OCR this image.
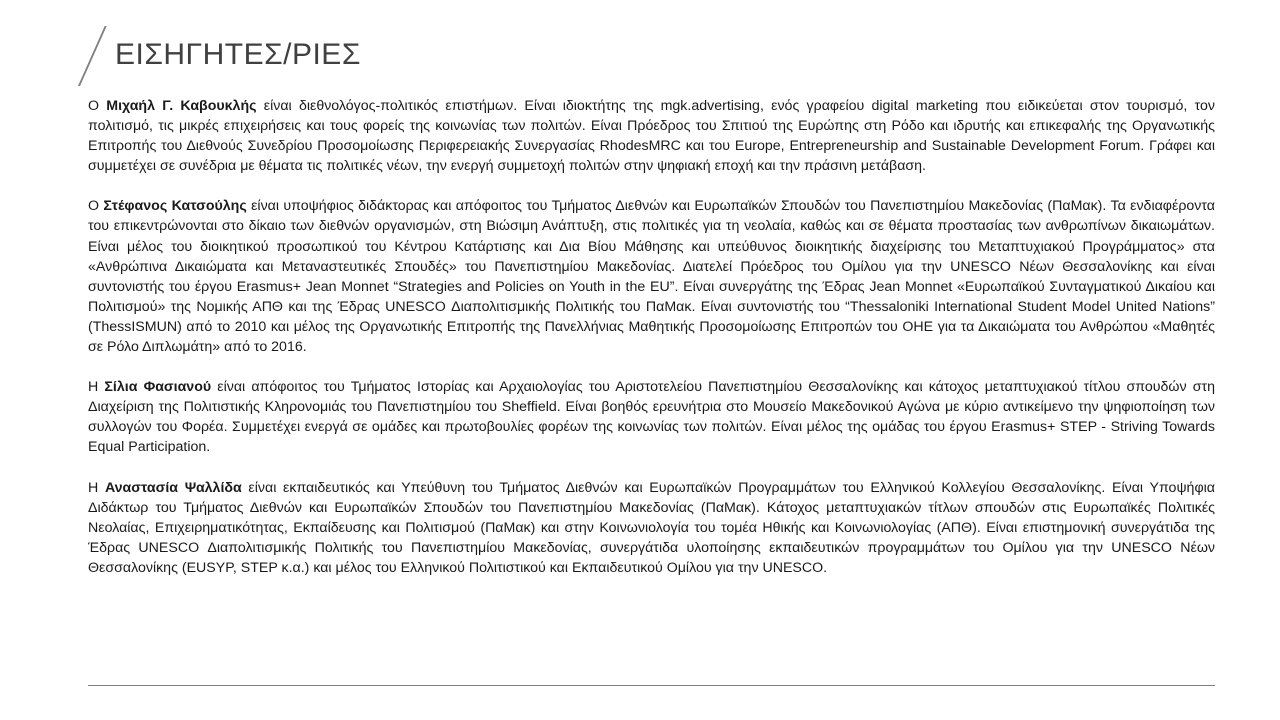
ΕΙΣΗΓΗΤΕΣ/ΡΙΕΣ

Ο Μιχαήλ Γ. Καβουκλής είναι διεθνολόγος-πολιτικός επιστήμων. Είναι ιδιοκτήτης της mgk.advertising, ενός γραφείου digital marketing που ειδικεύεται στον τουρισμό, τον πολιτισμό, τις μικρές επιχειρήσεις και τους φορείς της κοινωνίας των πολιτών. Είναι Πρόεδρος του Σπιτιού της Ευρώπης στη Ρόδο και ιδρυτής και επικεφαλής της Οργανωτικής Επιτροπής του Διεθνούς Συνεδρίου Προσομοίωσης Περιφερειακής Συνεργασίας RhodesMRC και του Europe, Entrepreneurship and Sustainable Development Forum. Γράφει και συμμετέχει σε συνέδρια με θέματα τις πολιτικές νέων, την ενεργή συμμετοχή πολιτών στην ψηφιακή εποχή και την πράσινη μετάβαση.

Ο Στέφανος Κατσούλης είναι υποψήφιος διδάκτορας και απόφοιτος του Τμήματος Διεθνών και Ευρωπαϊκών Σπουδών του Πανεπιστημίου Μακεδονίας (ΠαΜακ). Τα ενδιαφέροντα του επικεντρώνονται στο δίκαιο των διεθνών οργανισμών, στη Βιώσιμη Ανάπτυξη, στις πολιτικές για τη νεολαία, καθώς και σε θέματα προστασίας των ανθρωπίνων δικαιωμάτων. Είναι μέλος του διοικητικού προσωπικού του Κέντρου Κατάρτισης και Δια Βίου Μάθησης και υπεύθυνος διοικητικής διαχείρισης του Μεταπτυχιακού Προγράμματος» στα «Ανθρώπινα Δικαιώματα και Μεταναστευτικές Σπουδές» του Πανεπιστημίου Μακεδονίας. Διατελεί Πρόεδρος του Ομίλου για την UNESCO Νέων Θεσσαλονίκης και είναι συντονιστής του έργου Erasmus+ Jean Monnet “Strategies and Policies on Youth in the EU”. Είναι συνεργάτης της Έδρας Jean Monnet «Ευρωπαϊκού Συνταγματικού Δικαίου και Πολιτισμού» της Νομικής ΑΠΘ και της Έδρας UNESCO Διαπολιτισμικής Πολιτικής του ΠαΜακ. Είναι συντονιστής του “Thessaloniki International Student Model United Nations” (ThessISMUN) από το 2010 και μέλος της Οργανωτικής Επιτροπής της Πανελλήνιας Μαθητικής Προσομοίωσης Επιτροπών του ΟΗΕ για τα Δικαιώματα του Ανθρώπου «Μαθητές σε Ρόλο Διπλωμάτη» από το 2016.

Η Σίλια Φασιανού είναι απόφοιτος του Τμήματος Ιστορίας και Αρχαιολογίας του Αριστοτελείου Πανεπιστημίου Θεσσαλονίκης και κάτοχος μεταπτυχιακού τίτλου σπουδών στη Διαχείριση της Πολιτιστικής Κληρονομιάς του Πανεπιστημίου του Sheffield. Είναι βοηθός ερευνήτρια στο Μουσείο Μακεδονικού Αγώνα με κύριο αντικείμενο την ψηφιοποίηση των συλλογών του Φορέα. Συμμετέχει ενεργά σε ομάδες και πρωτοβουλίες φορέων της κοινωνίας των πολιτών. Είναι μέλος της ομάδας του έργου Erasmus+ STEP - Striving Towards Equal Participation.

Η Αναστασία Ψαλλίδα είναι εκπαιδευτικός και Υπεύθυνη του Τμήματος Διεθνών και Ευρωπαϊκών Προγραμμάτων του Ελληνικού Κολλεγίου Θεσσαλονίκης. Είναι Υποψήφια Διδάκτωρ του Τμήματος Διεθνών και Ευρωπαϊκών Σπουδών του Πανεπιστημίου Μακεδονίας (ΠαΜακ). Κάτοχος μεταπτυχιακών τίτλων σπουδών στις Ευρωπαϊκές Πολιτικές Νεολαίας, Επιχειρηματικότητας, Εκπαίδευσης και Πολιτισμού (ΠαΜακ) και στην Κοινωνιολογία του τομέα Ηθικής και Κοινωνιολογίας (ΑΠΘ). Είναι επιστημονική συνεργάτιδα της Έδρας UNESCO Διαπολιτισμικής Πολιτικής του Πανεπιστημίου Μακεδονίας, συνεργάτιδα υλοποίησης εκπαιδευτικών προγραμμάτων του Ομίλου για την UNESCO Νέων Θεσσαλονίκης (EUSYP, STEP κ.α.) και μέλος του Ελληνικού Πολιτιστικού και Εκπαιδευτικού Ομίλου για την UNESCO.
